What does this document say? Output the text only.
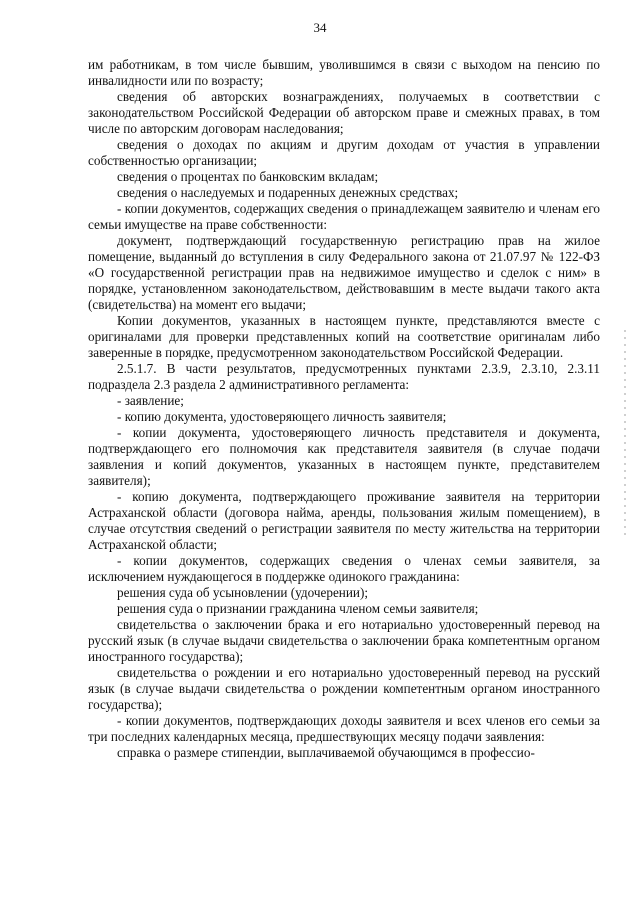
34

им работникам, в том числе бывшим, уволившимся в связи с выходом на пенсию по инвалидности или по возрасту;

сведения об авторских вознаграждениях, получаемых в соответствии с законодательством Российской Федерации об авторском праве и смежных правах, в том числе по авторским договорам наследования;

сведения о доходах по акциям и другим доходам от участия в управлении собственностью организации;

сведения о процентах по банковским вкладам;

сведения о наследуемых и подаренных денежных средствах;

- копии документов, содержащих сведения о принадлежащем заявителю и членам его семьи имуществе на праве собственности:

документ, подтверждающий государственную регистрацию прав на жилое помещение, выданный до вступления в силу Федерального закона от 21.07.97 № 122-ФЗ «О государственной регистрации прав на недвижимое имущество и сделок с ним» в порядке, установленном законодательством, действовавшим в месте выдачи такого акта (свидетельства) на момент его выдачи;

Копии документов, указанных в настоящем пункте, представляются вместе с оригиналами для проверки представленных копий на соответствие оригиналам либо заверенные в порядке, предусмотренном законодательством Российской Федерации.

2.5.1.7. В части результатов, предусмотренных пунктами 2.3.9, 2.3.10, 2.3.11 подраздела 2.3 раздела 2 административного регламента:

- заявление;

- копию документа, удостоверяющего личность заявителя;

- копии документа, удостоверяющего личность представителя и документа, подтверждающего его полномочия как представителя заявителя (в случае подачи заявления и копий документов, указанных в настоящем пункте, представителем заявителя);

- копию документа, подтверждающего проживание заявителя на территории Астраханской области (договора найма, аренды, пользования жилым помещением), в случае отсутствия сведений о регистрации заявителя по месту жительства на территории Астраханской области;

- копии документов, содержащих сведения о членах семьи заявителя, за исключением нуждающегося в поддержке одинокого гражданина:

решения суда об усыновлении (удочерении);

решения суда о признании гражданина членом семьи заявителя;

свидетельства о заключении брака и его нотариально удостоверенный перевод на русский язык (в случае выдачи свидетельства о заключении брака компетентным органом иностранного государства);

свидетельства о рождении и его нотариально удостоверенный перевод на русский язык (в случае выдачи свидетельства о рождении компетентным органом иностранного государства);

- копии документов, подтверждающих доходы заявителя и всех членов его семьи за три последних календарных месяца, предшествующих месяцу подачи заявления:

справка о размере стипендии, выплачиваемой обучающимся в профессио-
